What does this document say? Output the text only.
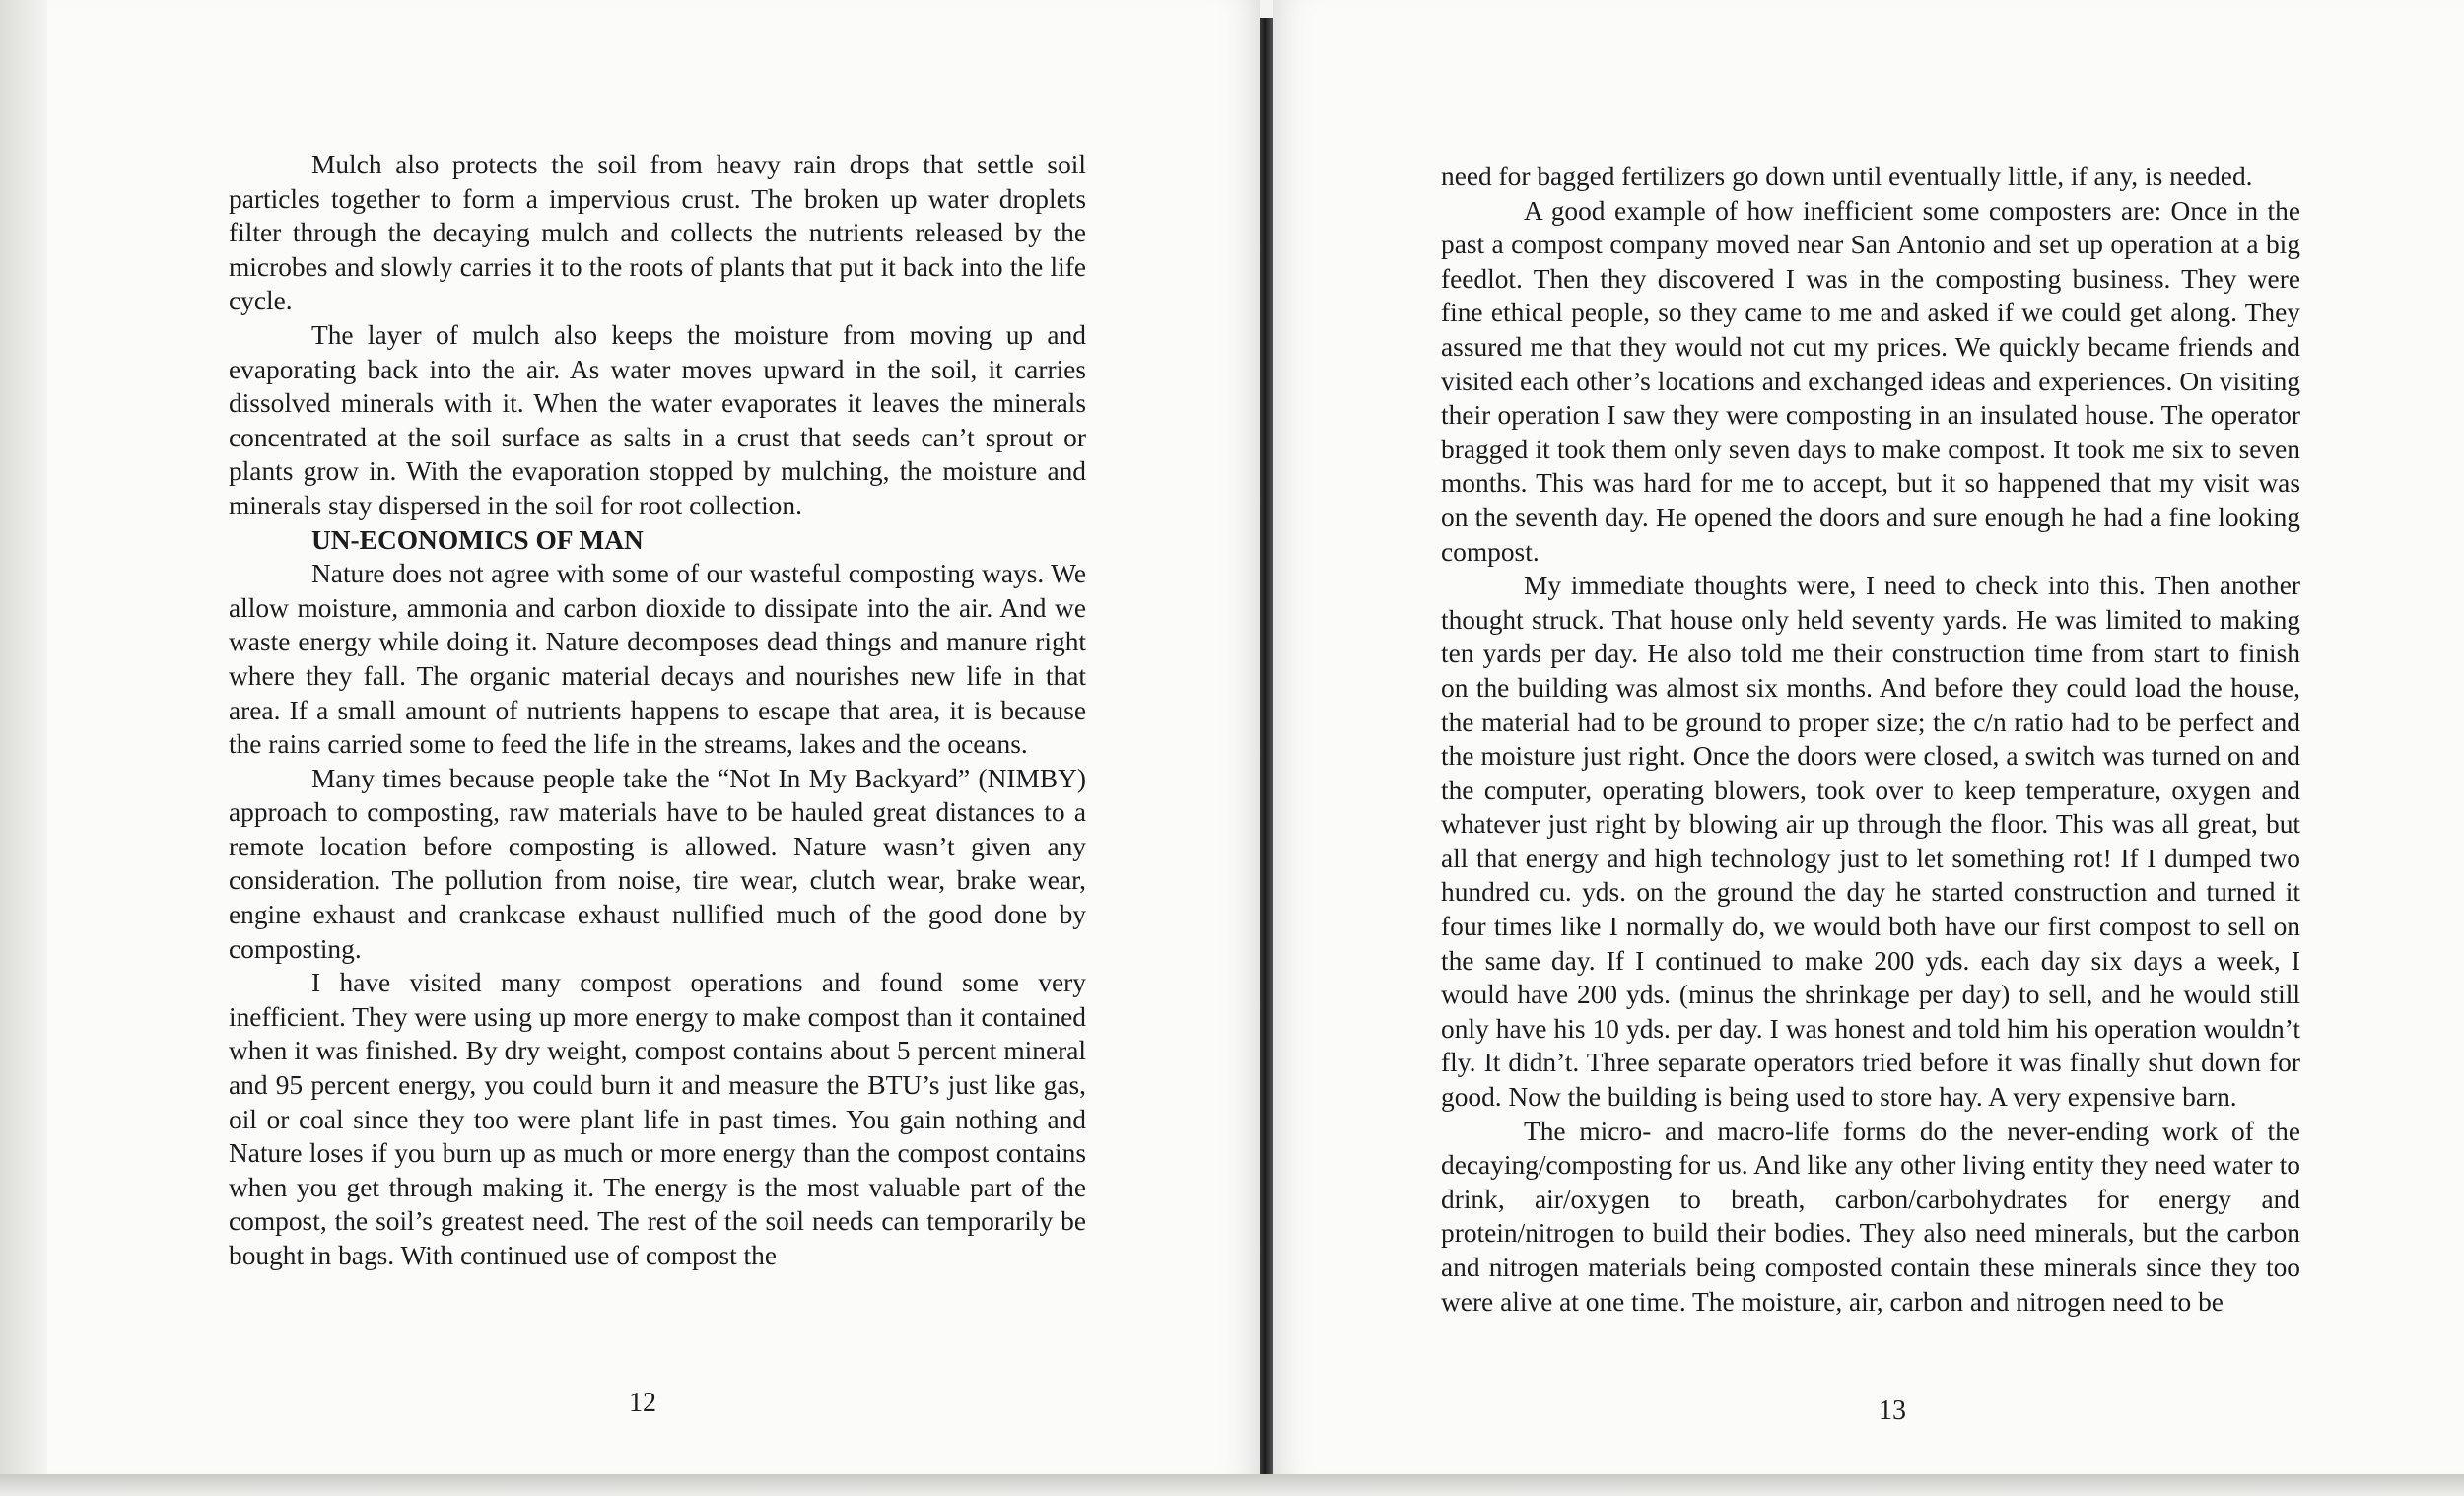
Mulch also protects the soil from heavy rain drops that settle soil particles together to form a impervious crust. The broken up water droplets filter through the decaying mulch and collects the nutrients released by the microbes and slowly carries it to the roots of plants that put it back into the life cycle.

The layer of mulch also keeps the moisture from moving up and evaporating back into the air. As water moves upward in the soil, it carries dissolved minerals with it. When the water evaporates it leaves the minerals concentrated at the soil surface as salts in a crust that seeds can’t sprout or plants grow in. With the evaporation stopped by mulching, the moisture and minerals stay dispersed in the soil for root collection.

UN-ECONOMICS OF MAN

Nature does not agree with some of our wasteful composting ways. We allow moisture, ammonia and carbon dioxide to dissipate into the air. And we waste energy while doing it. Nature decomposes dead things and manure right where they fall. The organic material decays and nourishes new life in that area. If a small amount of nutrients happens to escape that area, it is because the rains carried some to feed the life in the streams, lakes and the oceans.

Many times because people take the “Not In My Backyard” (NIMBY) approach to composting, raw materials have to be hauled great distances to a remote location before composting is allowed. Nature wasn’t given any consideration. The pollution from noise, tire wear, clutch wear, brake wear, engine exhaust and crankcase exhaust nullified much of the good done by composting.

I have visited many compost operations and found some very inefficient. They were using up more energy to make compost than it contained when it was finished. By dry weight, compost contains about 5 percent mineral and 95 percent energy, you could burn it and measure the BTU’s just like gas, oil or coal since they too were plant life in past times. You gain nothing and Nature loses if you burn up as much or more energy than the compost contains when you get through making it. The energy is the most valuable part of the compost, the soil’s greatest need. The rest of the soil needs can temporarily be bought in bags. With continued use of compost the

12

need for bagged fertilizers go down until eventually little, if any, is needed.

A good example of how inefficient some composters are: Once in the past a compost company moved near San Antonio and set up operation at a big feedlot. Then they discovered I was in the composting business. They were fine ethical people, so they came to me and asked if we could get along. They assured me that they would not cut my prices. We quickly became friends and visited each other’s locations and exchanged ideas and experiences. On visiting their operation I saw they were composting in an insulated house. The operator bragged it took them only seven days to make compost. It took me six to seven months. This was hard for me to accept, but it so happened that my visit was on the seventh day. He opened the doors and sure enough he had a fine looking compost.

My immediate thoughts were, I need to check into this. Then another thought struck. That house only held seventy yards. He was limited to making ten yards per day. He also told me their construction time from start to finish on the building was almost six months. And before they could load the house, the material had to be ground to proper size; the c/n ratio had to be perfect and the moisture just right. Once the doors were closed, a switch was turned on and the computer, operating blowers, took over to keep temperature, oxygen and whatever just right by blowing air up through the floor. This was all great, but all that energy and high technology just to let something rot! If I dumped two hundred cu. yds. on the ground the day he started construction and turned it four times like I normally do, we would both have our first compost to sell on the same day. If I continued to make 200 yds. each day six days a week, I would have 200 yds. (minus the shrinkage per day) to sell, and he would still only have his 10 yds. per day. I was honest and told him his operation wouldn’t fly. It didn’t. Three separate operators tried before it was finally shut down for good. Now the building is being used to store hay. A very expensive barn.

The micro- and macro-life forms do the never-ending work of the decaying/composting for us. And like any other living entity they need water to drink, air/oxygen to breath, carbon/carbohydrates for energy and protein/nitrogen to build their bodies. They also need minerals, but the carbon and nitrogen materials being composted contain these minerals since they too were alive at one time. The moisture, air, carbon and nitrogen need to be

13
